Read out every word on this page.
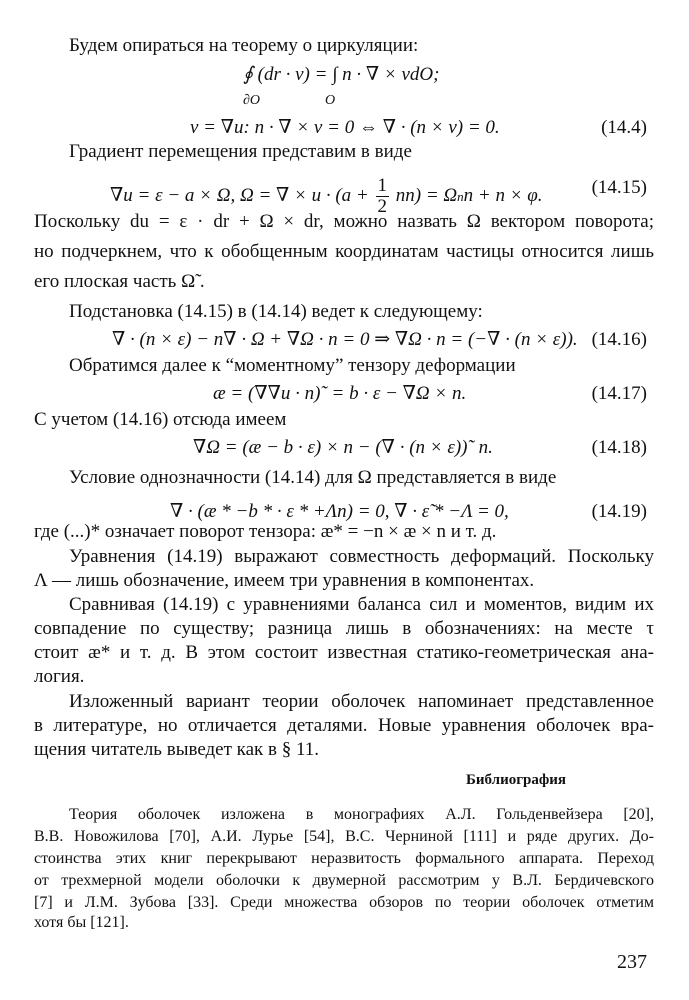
Будем опираться на теорему о циркуляции:
∮ (dr · v) = ∫ n · ∇ × vdO;
∂O	O
v = ∇u: n · ∇ × v = 0 ⇔ ∇ · (n × v) = 0.	(14.4)
Градиент перемещения представим в виде
∇u = ε − a × Ω, Ω = ∇ × $u \cdot (a + \frac{1}{2} nn) = \Omega nn + n \times \varphi$.	(14.15)
Поскольку du = ε · dr + Ω × dr, можно назвать Ω вектором поворота;
но подчеркнем, что к обобщенным координатам частицы относится лишь
его плоская часть Ω̃ .
Подстановка (14.15) в (14.14) ведет к следующему:
∇ · (n × ε) − n∇ · Ω + ∇Ω · n = 0 ⇒ ∇Ω · n = (−∇ · (n × ε)). (14.16)
Обратимся далее к “моментному” тензору деформации
æ = (∇∇u · n)˜ = b · ε − ∇Ω × n.	(14.17)
С учетом (14.16) отсюда имеем
∇Ω = (æ − b · ε) × n − (∇ · (n × ε))˜ n.	(14.18)
Условие однозначности (14.14) для Ω представляется в виде
∇ · (æ * −b * · ε * +Λn) = 0, ∇ · ε̃ * −Λ = 0,	(14.19)
где (...)* означает поворот тензора: æ* = −n × æ × n и т. д.
Уравнения (14.19) выражают совместность деформаций. Поскольку
Λ — лишь обозначение, имеем три уравнения в компонентах.
Сравнивая (14.19) с уравнениями баланса сил и моментов, видим их
совпадение по существу; разница лишь в обозначениях: на месте τ
стоит æ* и т. д. В этом состоит известная статико-геометрическая ана-
логия.
Изложенный вариант теории оболочек напоминает представленное
в литературе, но отличается деталями. Новые уравнения оболочек вра-
щения читатель выведет как в § 11.
Библиография
Теория оболочек изложена в монографиях А.Л. Гольденвейзера [20],
В.В. Новожилова [70], А.И. Лурье [54], В.С. Черниной [111] и ряде других. До-
стоинства этих книг перекрывают неразвитость формального аппарата. Переход
от трехмерной модели оболочки к двумерной рассмотрим у В.Л. Бердичевского
[7] и Л.М. Зубова [33]. Среди множества обзоров по теории оболочек отметим
хотя бы [121].
237
